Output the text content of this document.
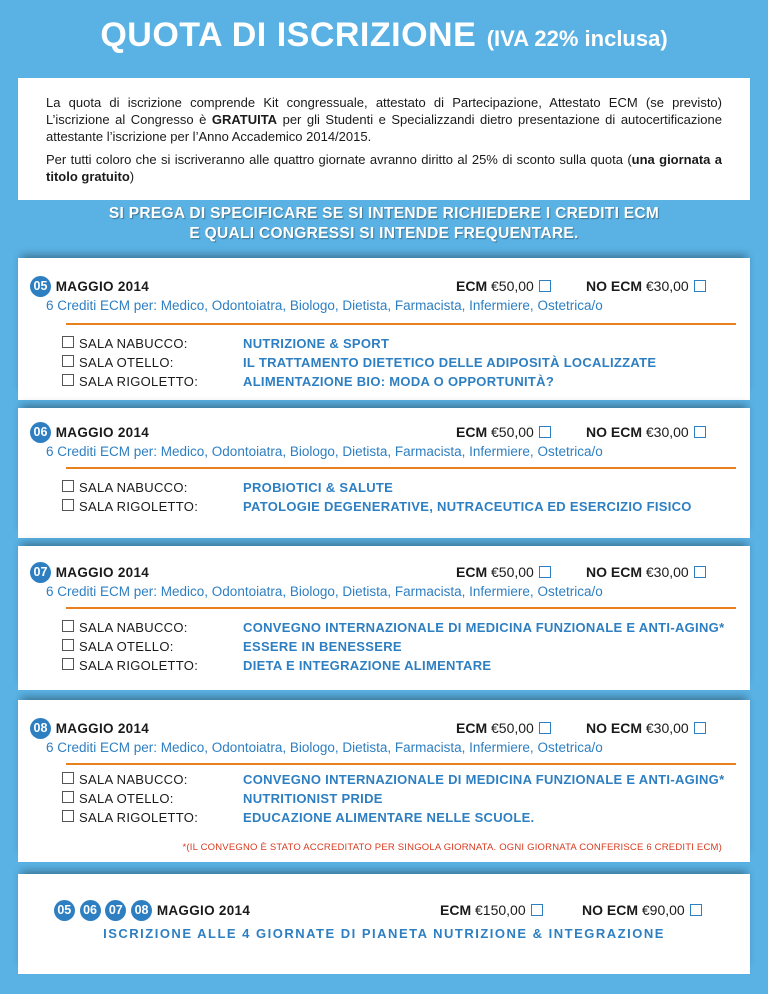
QUOTA DI ISCRIZIONE (IVA 22% inclusa)

La quota di iscrizione comprende Kit congressuale, attestato di Partecipazione, Attestato ECM (se previsto) L’iscrizione al Congresso è GRATUITA per gli Studenti e Specializzandi dietro presentazione di autocertificazione attestante l’iscrizione per l’Anno Accademico 2014/2015.

Per tutti coloro che si iscriveranno alle quattro giornate avranno diritto al 25% di sconto sulla quota (una giornata a titolo gratuito)

SI PREGA DI SPECIFICARE SE SI INTENDE RICHIEDERE I CREDITI ECM
E QUALI CONGRESSI SI INTENDE FREQUENTARE.
05 MAGGIO 2014	ECM €50,00	NO ECM €30,00
6 Crediti ECM per: Medico, Odontoiatra, Biologo, Dietista, Farmacista, Infermiere, Ostetrica/o
SALA NABUCCO:	NUTRIZIONE & SPORT
SALA OTELLO:	IL TRATTAMENTO DIETETICO DELLE ADIPOSITÀ LOCALIZZATE
SALA RIGOLETTO:	ALIMENTAZIONE BIO: MODA O OPPORTUNITÀ?
06 MAGGIO 2014	ECM €50,00	NO ECM €30,00
6 Crediti ECM per: Medico, Odontoiatra, Biologo, Dietista, Farmacista, Infermiere, Ostetrica/o
SALA NABUCCO:	PROBIOTICI & SALUTE
SALA RIGOLETTO:	PATOLOGIE DEGENERATIVE, NUTRACEUTICA ED ESERCIZIO FISICO
07 MAGGIO 2014	ECM €50,00	NO ECM €30,00
6 Crediti ECM per: Medico, Odontoiatra, Biologo, Dietista, Farmacista, Infermiere, Ostetrica/o
SALA NABUCCO:	CONVEGNO INTERNAZIONALE DI MEDICINA FUNZIONALE E ANTI-AGING*
SALA OTELLO:	ESSERE IN BENESSERE
SALA RIGOLETTO:	DIETA E INTEGRAZIONE ALIMENTARE
08 MAGGIO 2014	ECM €50,00	NO ECM €30,00
6 Crediti ECM per: Medico, Odontoiatra, Biologo, Dietista, Farmacista, Infermiere, Ostetrica/o
SALA NABUCCO:	CONVEGNO INTERNAZIONALE DI MEDICINA FUNZIONALE E ANTI-AGING*
SALA OTELLO:	NUTRITIONIST PRIDE
SALA RIGOLETTO:	EDUCAZIONE ALIMENTARE NELLE SCUOLE.
*(IL CONVEGNO È STATO ACCREDITATO PER SINGOLA GIORNATA. OGNI GIORNATA CONFERISCE 6 CREDITI ECM)
05 06 07 08 MAGGIO 2014	ECM €150,00	NO ECM €90,00
ISCRIZIONE ALLE 4 GIORNATE DI PIANETA NUTRIZIONE & INTEGRAZIONE
